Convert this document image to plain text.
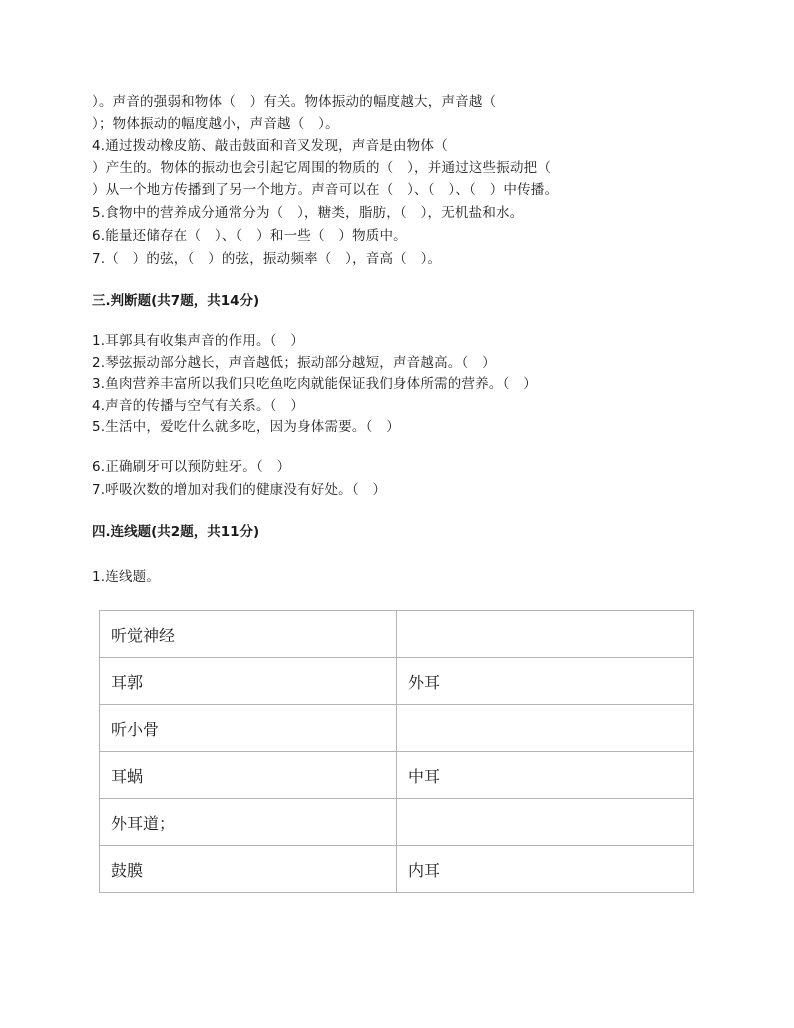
）。声音的强弱和物体（　）有关。物体振动的幅度越大，声音越（
）；物体振动的幅度越小，声音越（　）。
4.通过拨动橡皮筋、敲击鼓面和音叉发现，声音是由物体（
）产生的。物体的振动也会引起它周围的物质的（　），并通过这些振动把（
）从一个地方传播到了另一个地方。声音可以在（　）、（　）、（　）中传播。
5.食物中的营养成分通常分为（　），糖类，脂肪，（　），无机盐和水。
6.能量还储存在（　）、（　）和一些（　）物质中。
7.（　）的弦，（　）的弦，振动频率（　），音高（　）。
三.判断题(共7题，共14分)
1.耳郭具有收集声音的作用。（　）
2.琴弦振动部分越长，声音越低；振动部分越短，声音越高。（　）
3.鱼肉营养丰富所以我们只吃鱼吃肉就能保证我们身体所需的营养。（　）
4.声音的传播与空气有关系。（　）
5.生活中，爱吃什么就多吃，因为身体需要。（　）
6.正确刷牙可以预防蛀牙。（　）
7.呼吸次数的增加对我们的健康没有好处。（　）
四.连线题(共2题，共11分)
1.连线题。
听觉神经	
耳郭	外耳
听小骨	
耳蜗	中耳
外耳道；	
鼓膜	内耳
